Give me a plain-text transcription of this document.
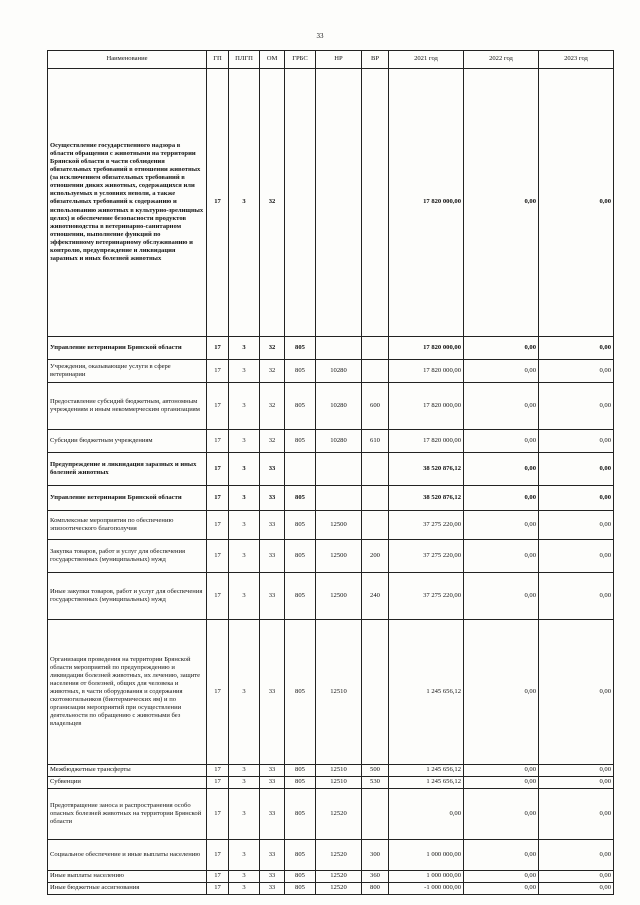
33
Наименование	ГП	ПЛГП	ОМ	ГРБС	НР	ВР	2021 год	2022 год	2023 год
Осуществление государственного надзора в области обращения с животными на территории Брянской области в части соблюдения обязательных требований в отношении животных (за исключением обязательных требований в отношении диких животных, содержащихся или используемых в условиях неволи, а также обязательных требований к содержанию и использованию животных в культурно-зрелищных целях) и обеспечение безопасности продуктов животноводства в ветеринарно-санитарном отношении, выполнение функций по эффективному ветеринарному обслуживанию и контролю, предупреждение и ликвидация заразных и иных болезней животных	17	3	32				17 820 000,00	0,00	0,00
Управление ветеринарии Брянской области	17	3	32	805			17 820 000,00	0,00	0,00
Учреждения, оказывающие услуги в сфере ветеринарии	17	3	32	805	10280		17 820 000,00	0,00	0,00
Предоставление субсидий бюджетным, автономным учреждениям и иным некоммерческим организациям	17	3	32	805	10280	600	17 820 000,00	0,00	0,00
Субсидии бюджетным учреждениям	17	3	32	805	10280	610	17 820 000,00	0,00	0,00
Предупреждение и ликвидация заразных и иных болезней животных	17	3	33				38 520 876,12	0,00	0,00
Управление ветеринарии Брянской области	17	3	33	805			38 520 876,12	0,00	0,00
Комплексные мероприятия по обеспечению эпизоотического благополучия	17	3	33	805	12500		37 275 220,00	0,00	0,00
Закупка товаров, работ и услуг для обеспечения государственных (муниципальных) нужд	17	3	33	805	12500	200	37 275 220,00	0,00	0,00
Иные закупки товаров, работ и услуг для обеспечения государственных (муниципальных) нужд	17	3	33	805	12500	240	37 275 220,00	0,00	0,00
Организация проведения на территории Брянской области мероприятий по предупреждению и ликвидации болезней животных, их лечению, защите населения от болезней, общих для человека и животных, в части оборудования и содержания скотомогильников (биотермических ям) и по организации мероприятий при осуществлении деятельности по обращению с животными без владельцев	17	3	33	805	12510		1 245 656,12	0,00	0,00
Межбюджетные трансферты	17	3	33	805	12510	500	1 245 656,12	0,00	0,00
Субвенции	17	3	33	805	12510	530	1 245 656,12	0,00	0,00
Предотвращение заноса и распространения особо опасных болезней животных на территории Брянской области	17	3	33	805	12520		0,00	0,00	0,00
Социальное обеспечение и иные выплаты населению	17	3	33	805	12520	300	1 000 000,00	0,00	0,00
Иные выплаты населению	17	3	33	805	12520	360	1 000 000,00	0,00	0,00
Иные бюджетные ассигнования	17	3	33	805	12520	800	-1 000 000,00	0,00	0,00
